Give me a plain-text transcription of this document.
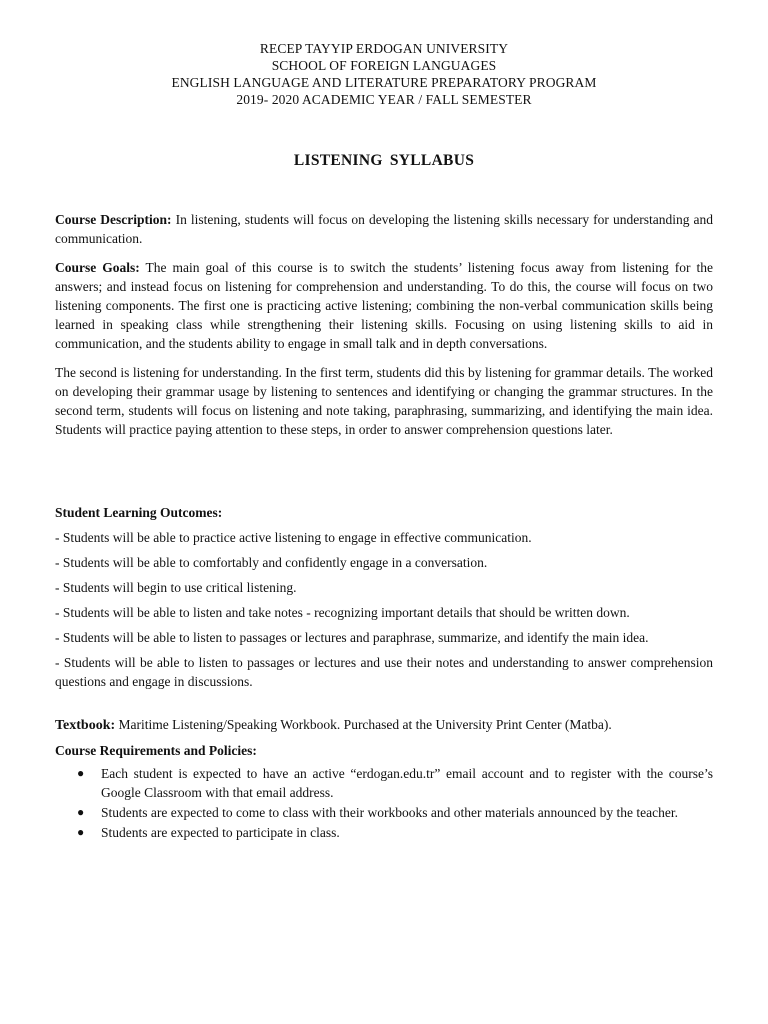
RECEP TAYYIP ERDOGAN UNIVERSITY
SCHOOL OF FOREIGN LANGUAGES
ENGLISH LANGUAGE AND LITERATURE PREPARATORY PROGRAM
2019- 2020 ACADEMIC YEAR / FALL SEMESTER
LISTENING SYLLABUS
Course Description: In listening, students will focus on developing the listening skills necessary for understanding and communication.
Course Goals: The main goal of this course is to switch the students’ listening focus away from listening for the answers; and instead focus on listening for comprehension and understanding. To do this, the course will focus on two listening components. The first one is practicing active listening; combining the non-verbal communication skills being learned in speaking class while strengthening their listening skills. Focusing on using listening skills to aid in communication, and the students ability to engage in small talk and in depth conversations.
The second is listening for understanding. In the first term, students did this by listening for grammar details. The worked on developing their grammar usage by listening to sentences and identifying or changing the grammar structures. In the second term, students will focus on listening and note taking, paraphrasing, summarizing, and identifying the main idea. Students will practice paying attention to these steps, in order to answer comprehension questions later.
Student Learning Outcomes:
- Students will be able to practice active listening to engage in effective communication.
- Students will be able to comfortably and confidently engage in a conversation.
- Students will begin to use critical listening.
- Students will be able to listen and take notes - recognizing important details that should be written down.
- Students will be able to listen to passages or lectures and paraphrase, summarize, and identify the main idea.
- Students will be able to listen to passages or lectures and use their notes and understanding to answer comprehension questions and engage in discussions.
Textbook: Maritime Listening/Speaking Workbook. Purchased at the University Print Center (Matba).
Course Requirements and Policies:
● Each student is expected to have an active “erdogan.edu.tr” email account and to register with the course’s Google Classroom with that email address.
● Students are expected to come to class with their workbooks and other materials announced by the teacher.
● Students are expected to participate in class.
